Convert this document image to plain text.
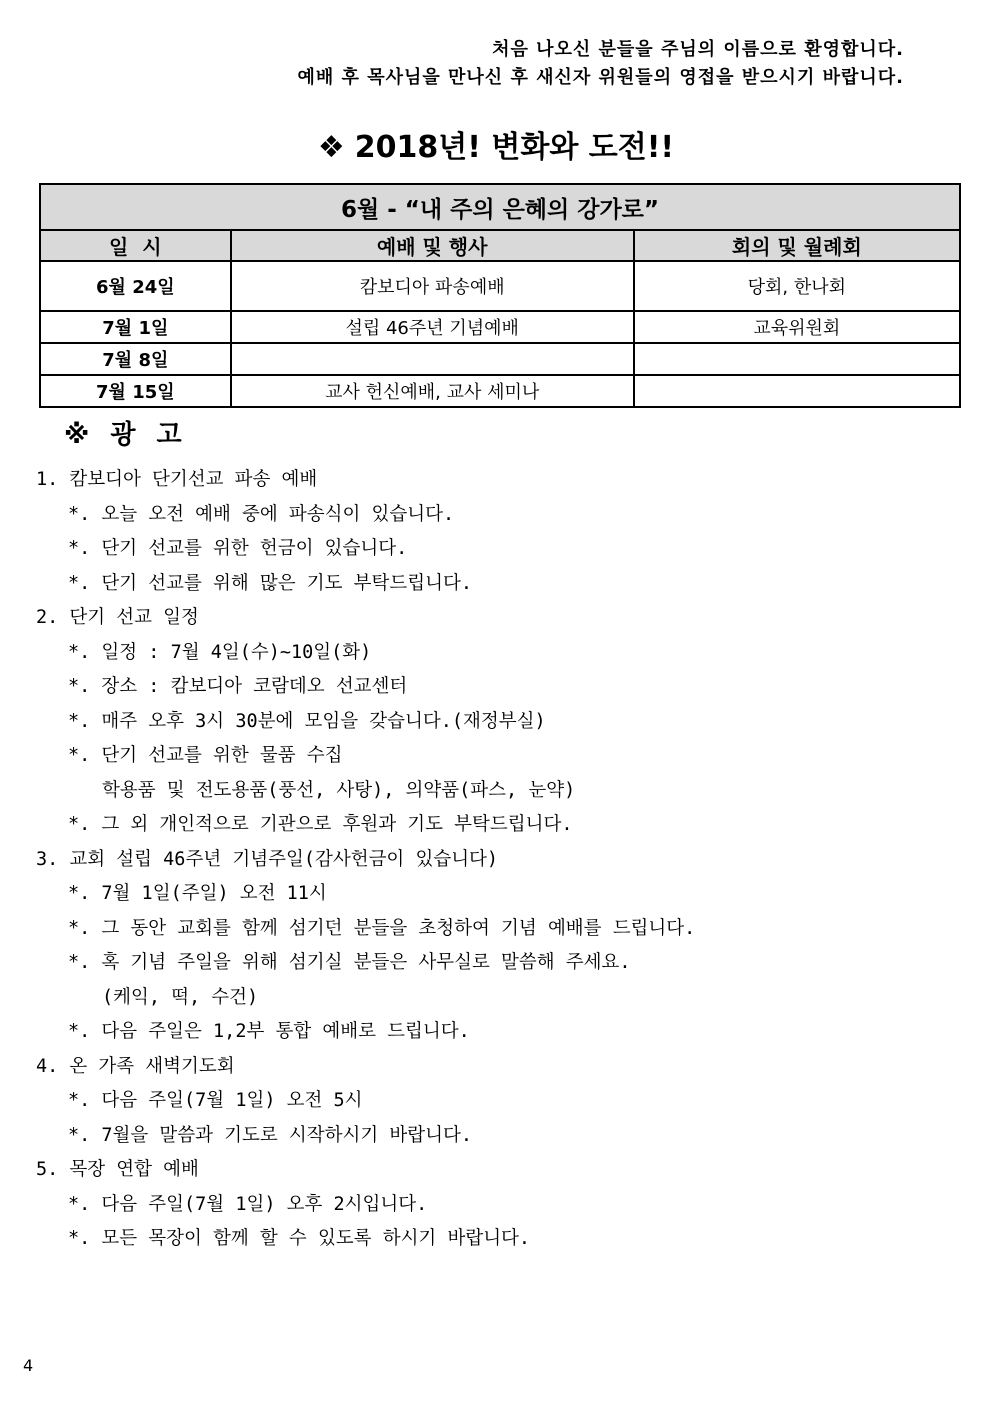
처음 나오신 분들을 주님의 이름으로 환영합니다.
예배 후 목사님을 만나신 후 새신자 위원들의 영접을 받으시기 바랍니다.
❖ 2018년! 변화와 도전!!
6월 - “내 주의 은혜의 강가로”		
일  시	예배 및 행사	회의 및 월례회
6월 24일	캄보디아 파송예배	당회, 한나회
7월 1일	설립 46주년 기념예배	교육위원회
7월 8일		
7월 15일	교사 헌신예배, 교사 세미나	
※ 광 고
1. 캄보디아 단기선교 파송 예배
*. 오늘 오전 예배 중에 파송식이 있습니다.
*. 단기 선교를 위한 헌금이 있습니다.
*. 단기 선교를 위해 많은 기도 부탁드립니다.
2. 단기 선교 일정
*. 일정 : 7월 4일(수)~10일(화)
*. 장소 : 캄보디아 코람데오 선교센터
*. 매주 오후 3시 30분에 모임을 갖습니다.(재정부실)
*. 단기 선교를 위한 물품 수집
학용품 및 전도용품(풍선, 사탕), 의약품(파스, 눈약)
*. 그 외 개인적으로 기관으로 후원과 기도 부탁드립니다.
3. 교회 설립 46주년 기념주일(감사헌금이 있습니다)
*. 7월 1일(주일) 오전 11시
*. 그 동안 교회를 함께 섬기던 분들을 초청하여 기념 예배를 드립니다.
*. 혹 기념 주일을 위해 섬기실 분들은 사무실로 말씀해 주세요.
(케익, 떡, 수건)
*. 다음 주일은 1,2부 통합 예배로 드립니다.
4. 온 가족 새벽기도회
*. 다음 주일(7월 1일) 오전 5시
*. 7월을 말씀과 기도로 시작하시기 바랍니다.
5. 목장 연합 예배
*. 다음 주일(7월 1일) 오후 2시입니다.
*. 모든 목장이 함께 할 수 있도록 하시기 바랍니다.
4
